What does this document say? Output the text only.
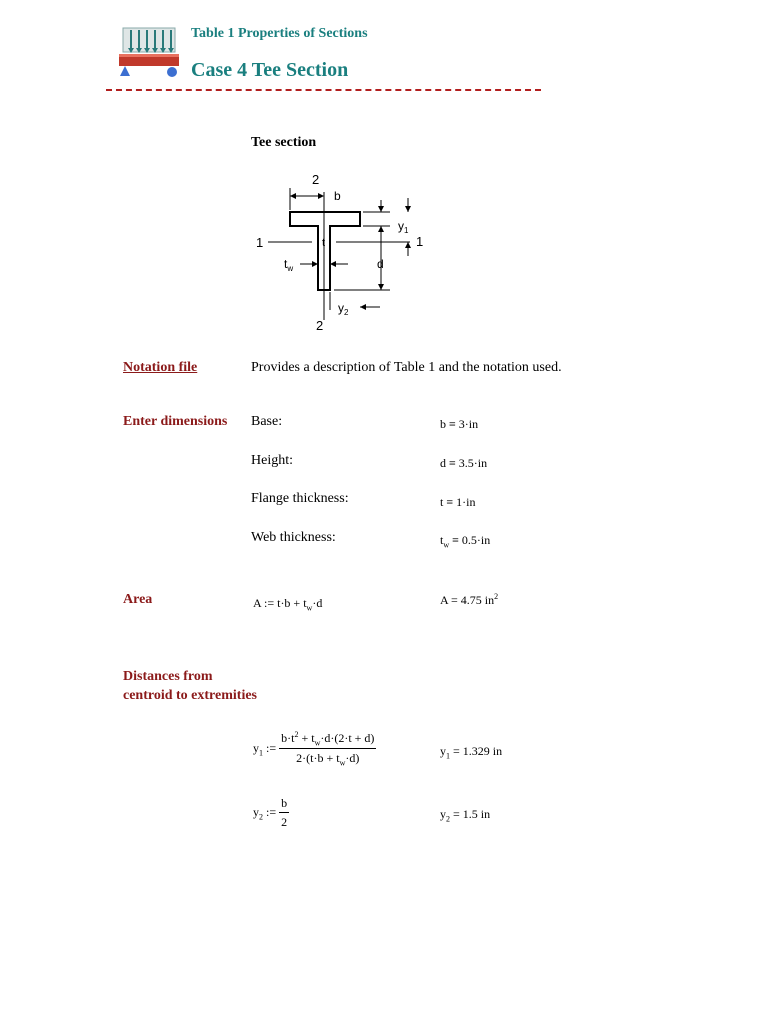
Table 1 Properties of Sections
Case 4 Tee Section
Tee section
2
2
1	1
b
t
$y_1$
d
$y_2$
$t_w$
Notation file	Provides a description of Table 1 and the notation used.
Enter dimensions Base:	b ≡ 3·in
Height:	d ≡ 3.5·in
Flange thickness:	t ≡ 1·in
Web thickness:	$t_w \equiv 0.5\cdot in$
Area	A := $t\cdot b + t_w\cdot d$	A = 4.75 $in^2$
Distances from
centroid to extremities
$y_1$ := $\frac{b\cdot t^2 + t_w\cdot d\cdot(2\cdot t + d)}{2\cdot(t\cdot b + t_w\cdot d)}$	$y_1 = 1.329$ in
$y_2$ := $\frac{b}{2}$	$y_2 = 1.5$ in
